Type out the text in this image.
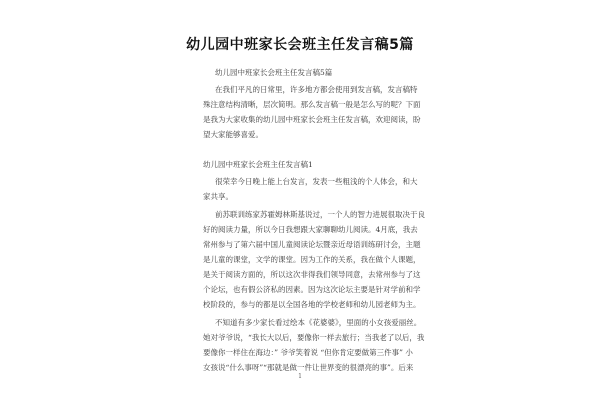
幼儿园中班家长会班主任发言稿5篇
幼儿园中班家长会班主任发言稿5篇
在我们平凡的日常里，许多地方都会使用到发言稿，发言稿特
殊注意结构清晰，层次简明。那么发言稿一般是怎么写的呢？下面
是我为大家收集的幼儿园中班家长会班主任发言稿，欢迎阅读，盼
望大家能够喜爱。
幼儿园中班家长会班主任发言稿1
很荣幸今日晚上能上台发言，发表一些粗浅的个人体会，和大
家共享。
前苏联训练家苏霍姆林斯基说过，一个人的智力进展很取决于良
好的阅读力量，所以今日我想跟大家聊聊幼儿阅读。4月底，我去
常州参与了第六届中国儿童阅读论坛暨亲近母语训练研讨会，主题
是儿童的课堂，文学的课堂。因为工作的关系，我在做个人课题，
是关于阅读方面的，所以这次非得我们领导同意，去常州参与了这
个论坛，也有假公济私的因素。因为这次论坛主要是针对学前和学
校阶段的，参与的都是以全国各地的学校老师和幼儿园老师为主。
不知道有多少家长看过绘本《花婆婆》，里面的小女孩爱丽丝。
她对爷爷说，“我长大以后，要像你一样去旅行；当我老了以后，我
要像你一样住在海边：” 爷爷笑着说 “但你肯定要做第三件事” 小
女孩说“什么事呀”“那就是做一件让世界变的很漂亮的事”。后来
1
